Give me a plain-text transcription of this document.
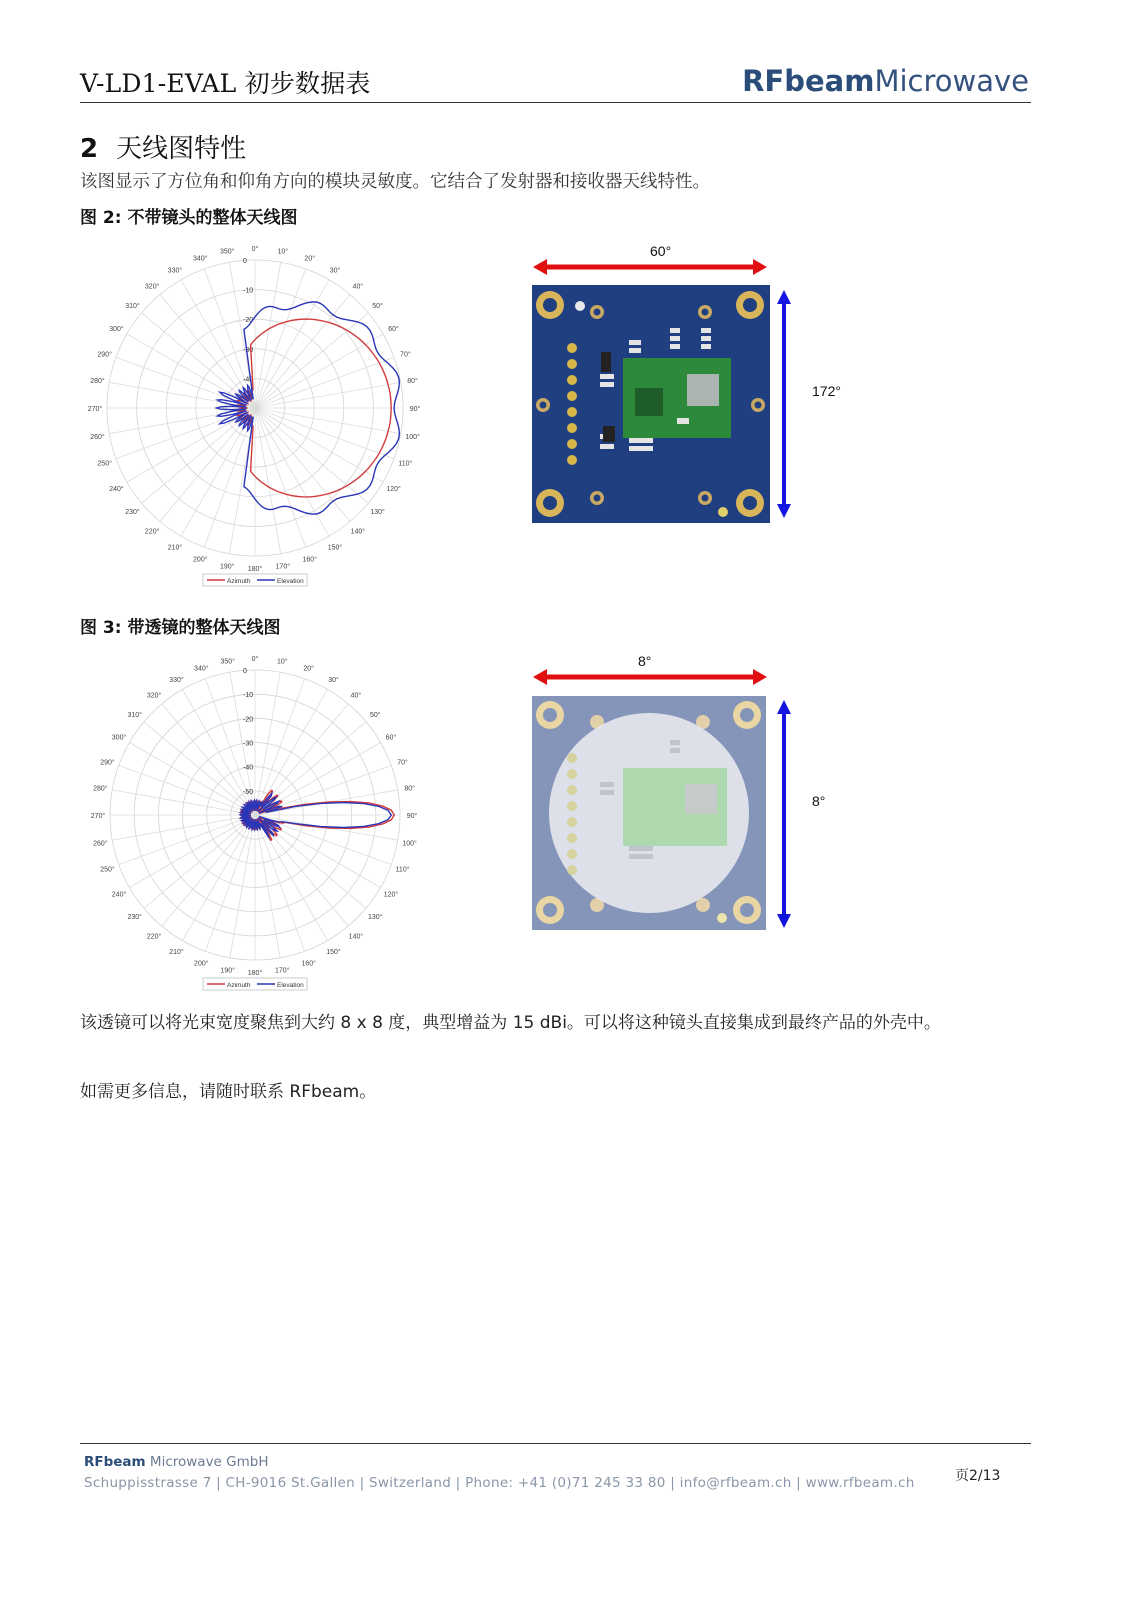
V-LD1-EVAL 初步数据表	RFbeamMicrowave
2 天线图特性
该图显示了方位角和仰角方向的模块灵敏度。它结合了发射器和接收器天线特性。
图 2: 不带镜头的整体天线图
0°	10°
20°
30°
40°
50°
60°
70°
80°
90°
100°
110°
120°
130°
140°
150°
160°
170°
180°
190°
200°
210°
220°
230°
240°
250°
260°
270°
280°
290°
300°
310°
320°
330°
340°
350°
0
-10
-20
-30
-40
Azimuth	Elevation
60°
172°
图 3: 带透镜的整体天线图
0°	10°
20°
30°
40°
50°
60°
70°
80°
90°
100°
110°
120°
130°
140°
150°
160°
170°
180°
190°
200°
210°
220°
230°
240°
250°
260°
270°
280°
290°
300°
310°
320°
330°
340°
350°
0
-10
-20
-30
-40
-50
Azimuth	Elevation
8°
8°
该透镜可以将光束宽度聚焦到大约 8 x 8 度，典型增益为 15 dBi。可以将这种镜头直接集成到最终产品的外壳中。
如需更多信息，请随时联系 RFbeam。
RFbeam Microwave GmbH
Schuppisstrasse 7 | CH-9016 St.Gallen | Switzerland | Phone: +41 (0)71 245 33 80 | info@rfbeam.ch | www.rfbeam.ch	页2/13
